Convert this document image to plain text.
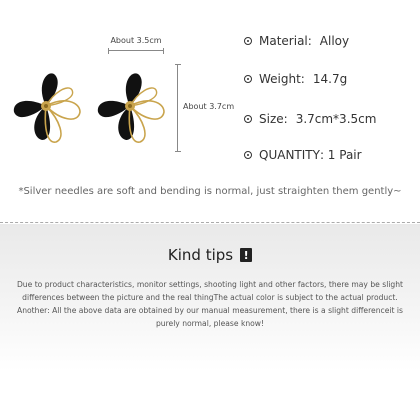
About 3.5cm
About 3.7cm
Material: Alloy
Weight: 14.7g
Size: 3.7cm*3.5cm
QUANTITY : 1 Pair
*Silver needles are soft and bending is normal, just straighten them gently~
Kind tips !
Due to product characteristics, monitor settings, shooting light and other factors, there may be slight
differences between the picture and the real thingThe actual color is subject to the actual product.
Another: All the above data are obtained by our manual measurement, there is a slight differenceit is
purely normal, please know!
